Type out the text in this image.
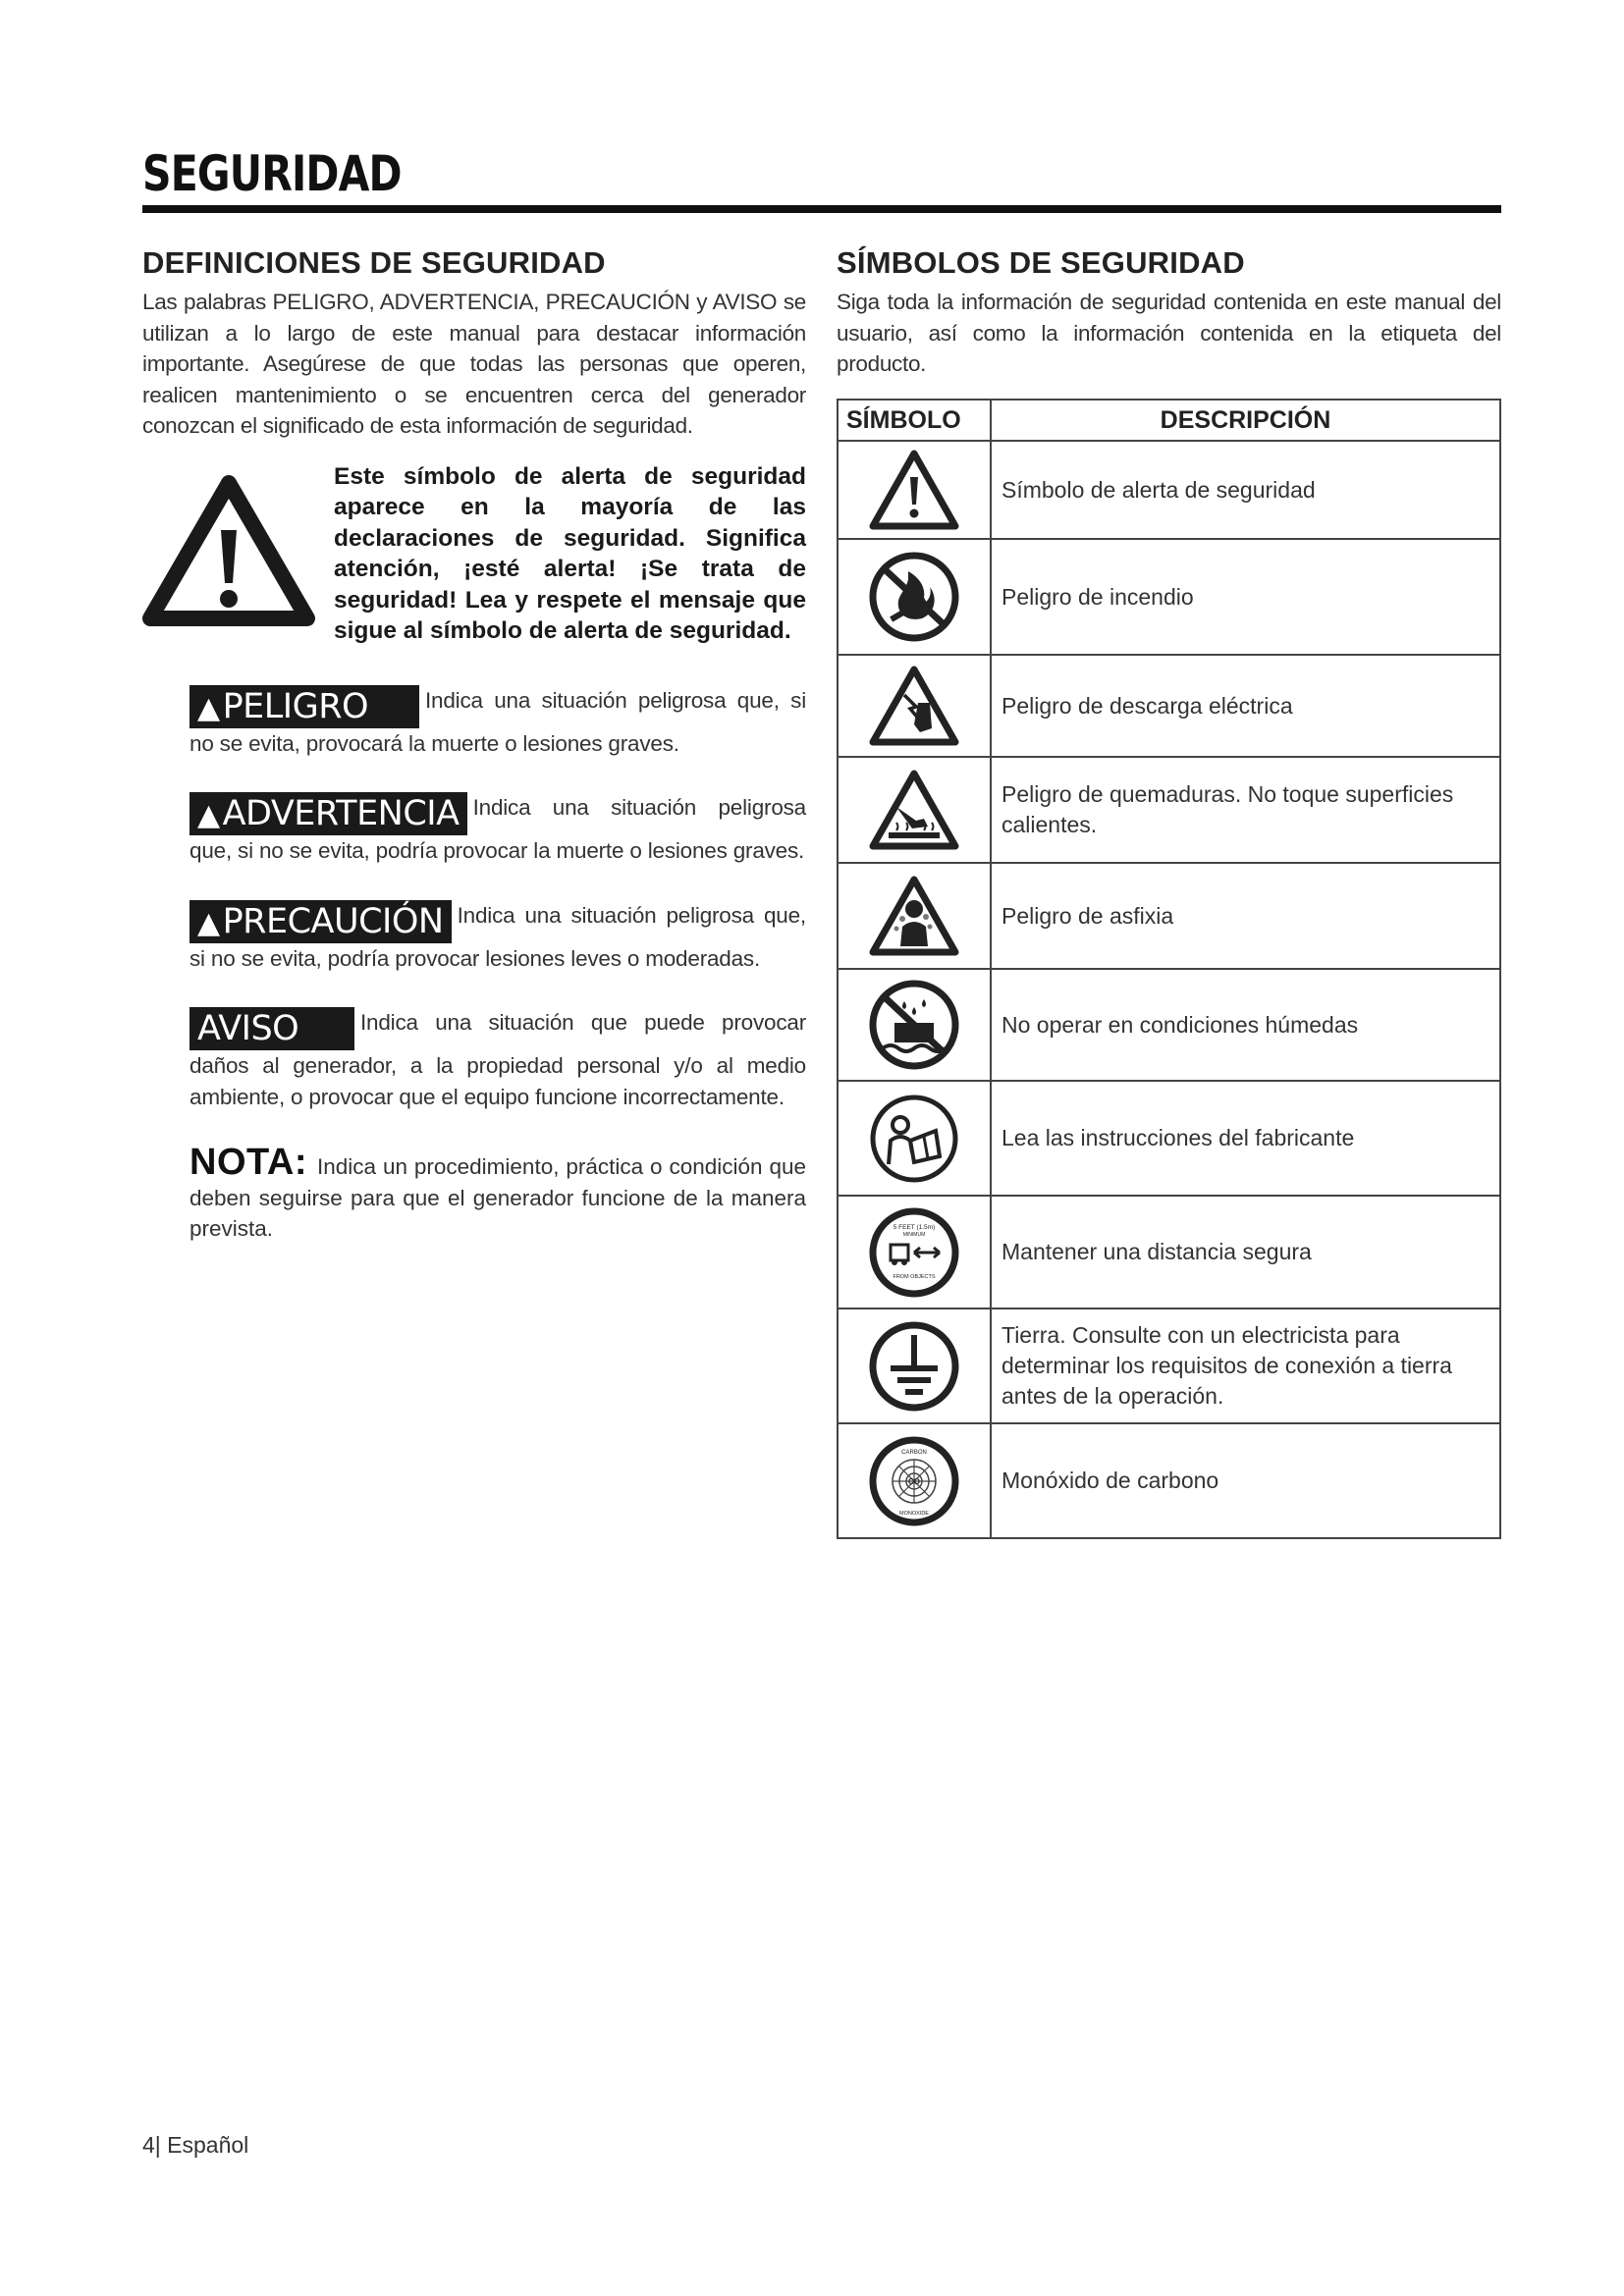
SEGURIDAD
DEFINICIONES DE SEGURIDAD

Las palabras PELIGRO, ADVERTENCIA, PRECAUCIÓN y AVISO se utilizan a lo largo de este manual para destacar información importante. Asegúrese de que todas las personas que operen, realicen mantenimiento o se encuentren cerca del generador conozcan el significado de esta información de seguridad.

Este símbolo de alerta de seguridad aparece en la mayoría de las declaraciones de seguridad. Significa atención, ¡esté alerta! ¡Se trata de seguridad! Lea y respete el mensaje que sigue al símbolo de alerta de seguridad.
▲PELIGRO	Indica una situación peligrosa que, si no se evita, provocará la muerte o lesiones graves.
▲ADVERTENCIA Indica una situación peligrosa que, si no se evita, podría provocar la muerte o lesiones graves.
▲PRECAUCIÓN Indica una situación peligrosa que, si no se evita, podría provocar lesiones leves o moderadas.
AVISO	Indica una situación que puede provocar daños al generador, a la propiedad personal y/o al medio ambiente, o provocar que el equipo funcione incorrectamente.
NOTA: Indica un procedimiento, práctica o condición que deben seguirse para que el generador funcione de la manera prevista.
SÍMBOLOS DE SEGURIDAD

Siga toda la información de seguridad contenida en este manual del usuario, así como la información contenida en la etiqueta del producto.

SÍMBOLO	DESCRIPCIÓN

	Símbolo de alerta de seguridad

	Peligro de incendio

	Peligro de descarga eléctrica

	Peligro de quemaduras. No toque superficies calientes.

	Peligro de asfixia

	No operar en condiciones húmedas

	Lea las instrucciones del fabricante

5 FEET (1.5m)
MINIMUM
FROM OBJECTS	Mantener una distancia segura

	Tierra. Consulte con un electricista para determinar los requisitos de conexión a tierra antes de la operación.

CARBON
CO
MONOXIDE	Monóxido de carbono
4| Español
